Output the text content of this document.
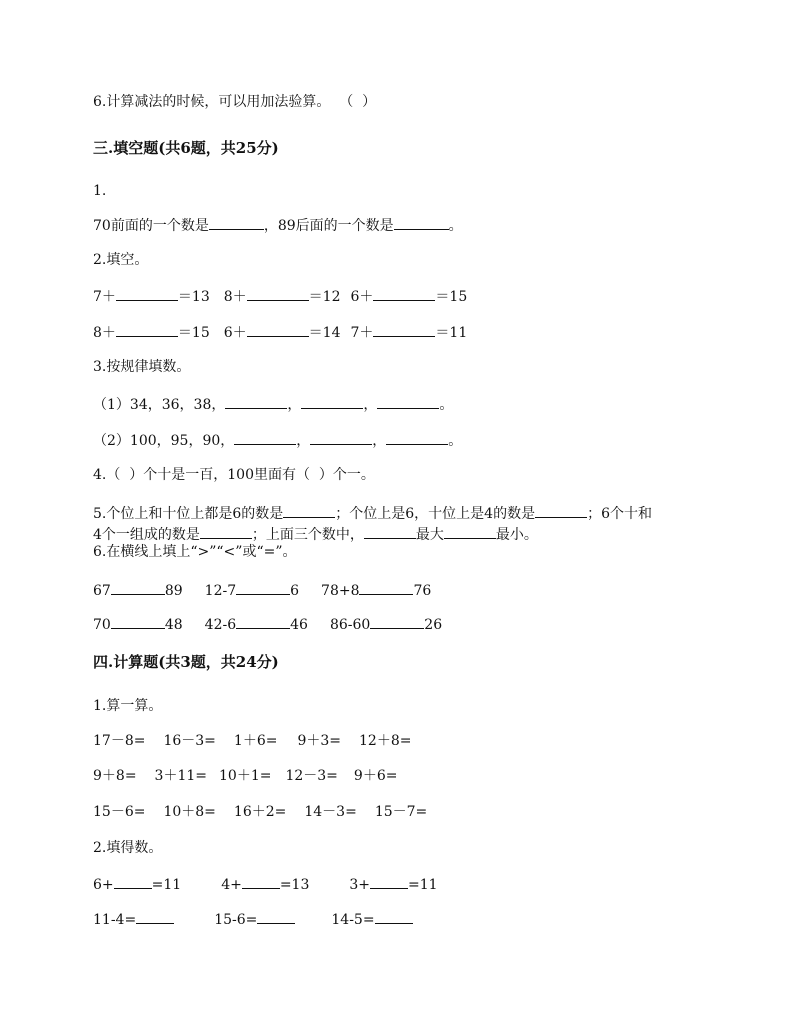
6.计算减法的时候，可以用加法验算。  （  ）
三.填空题(共6题，共25分)
1.
70前面的一个数是	，89后面的一个数是	。
2.填空。
7＋	＝13 8＋	＝12 6＋	＝15
8＋	＝15 6＋	＝14 7＋	＝11
3.按规律填数。
（1）34，36，38，	，	，	。
（2）100，95，90，	，	，	。
4.（  ）个十是一百，100里面有（  ）个一。
5.个位上和十位上都是6的数是	；个位上是6，十位上是4的数是	；6个十和
4个一组成的数是	；上面三个数中，	最大	最小。
6.在横线上填上“>”“<”或“=”。
67	89 12-7	6 78+8	76
70	48 42-6	46 86-60	26
四.计算题(共3题，共24分)
1.算一算。
17－8= 16－3= 1＋6= 9＋3= 12＋8=
9＋8= 3＋11= 10＋1= 12－3= 9＋6=
15－6= 10＋8= 16＋2= 14－3= 15－7=
2.填得数。
6+	=11	4+	=13	3+	=11
11-4=	15-6=	14-5=
